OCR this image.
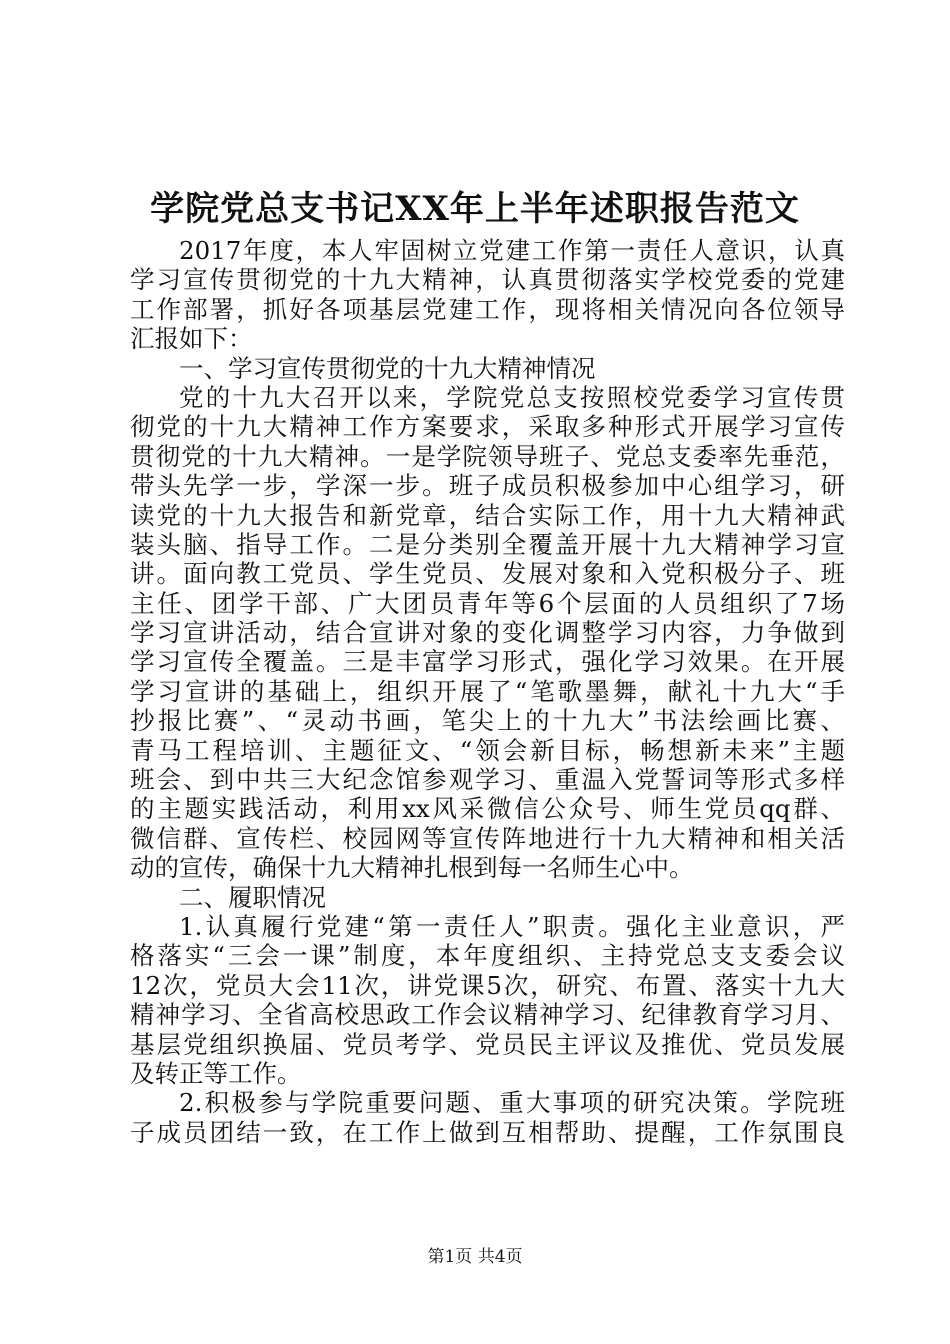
学院党总支书记XX年上半年述职报告范文
2017年度，本人牢固树立党建工作第一责任人意识，认真
学习宣传贯彻党的十九大精神，认真贯彻落实学校党委的党建
工作部署，抓好各项基层党建工作，现将相关情况向各位领导
汇报如下：
一、学习宣传贯彻党的十九大精神情况
党的十九大召开以来，学院党总支按照校党委学习宣传贯
彻党的十九大精神工作方案要求，采取多种形式开展学习宣传
贯彻党的十九大精神。一是学院领导班子、党总支委率先垂范，
带头先学一步，学深一步。班子成员积极参加中心组学习，研
读党的十九大报告和新党章，结合实际工作，用十九大精神武
装头脑、指导工作。二是分类别全覆盖开展十九大精神学习宣
讲。面向教工党员、学生党员、发展对象和入党积极分子、班
主任、团学干部、广大团员青年等6个层面的人员组织了7场
学习宣讲活动，结合宣讲对象的变化调整学习内容，力争做到
学习宣传全覆盖。三是丰富学习形式，强化学习效果。在开展
学习宣讲的基础上，组织开展了“笔歌墨舞，献礼十九大“手
抄报比赛”、“灵动书画，笔尖上的十九大”书法绘画比赛、
青马工程培训、主题征文、“领会新目标，畅想新未来”主题
班会、到中共三大纪念馆参观学习、重温入党誓词等形式多样
的主题实践活动，利用xx风采微信公众号、师生党员qq群、
微信群、宣传栏、校园网等宣传阵地进行十九大精神和相关活
动的宣传，确保十九大精神扎根到每一名师生心中。
二、履职情况
1.认真履行党建“第一责任人”职责。强化主业意识，严
格落实“三会一课”制度，本年度组织、主持党总支支委会议
12次，党员大会11次，讲党课5次，研究、布置、落实十九大
精神学习、全省高校思政工作会议精神学习、纪律教育学习月、
基层党组织换届、党员考学、党员民主评议及推优、党员发展
及转正等工作。
2.积极参与学院重要问题、重大事项的研究决策。学院班
子成员团结一致，在工作上做到互相帮助、提醒，工作氛围良
第1页 共4页
